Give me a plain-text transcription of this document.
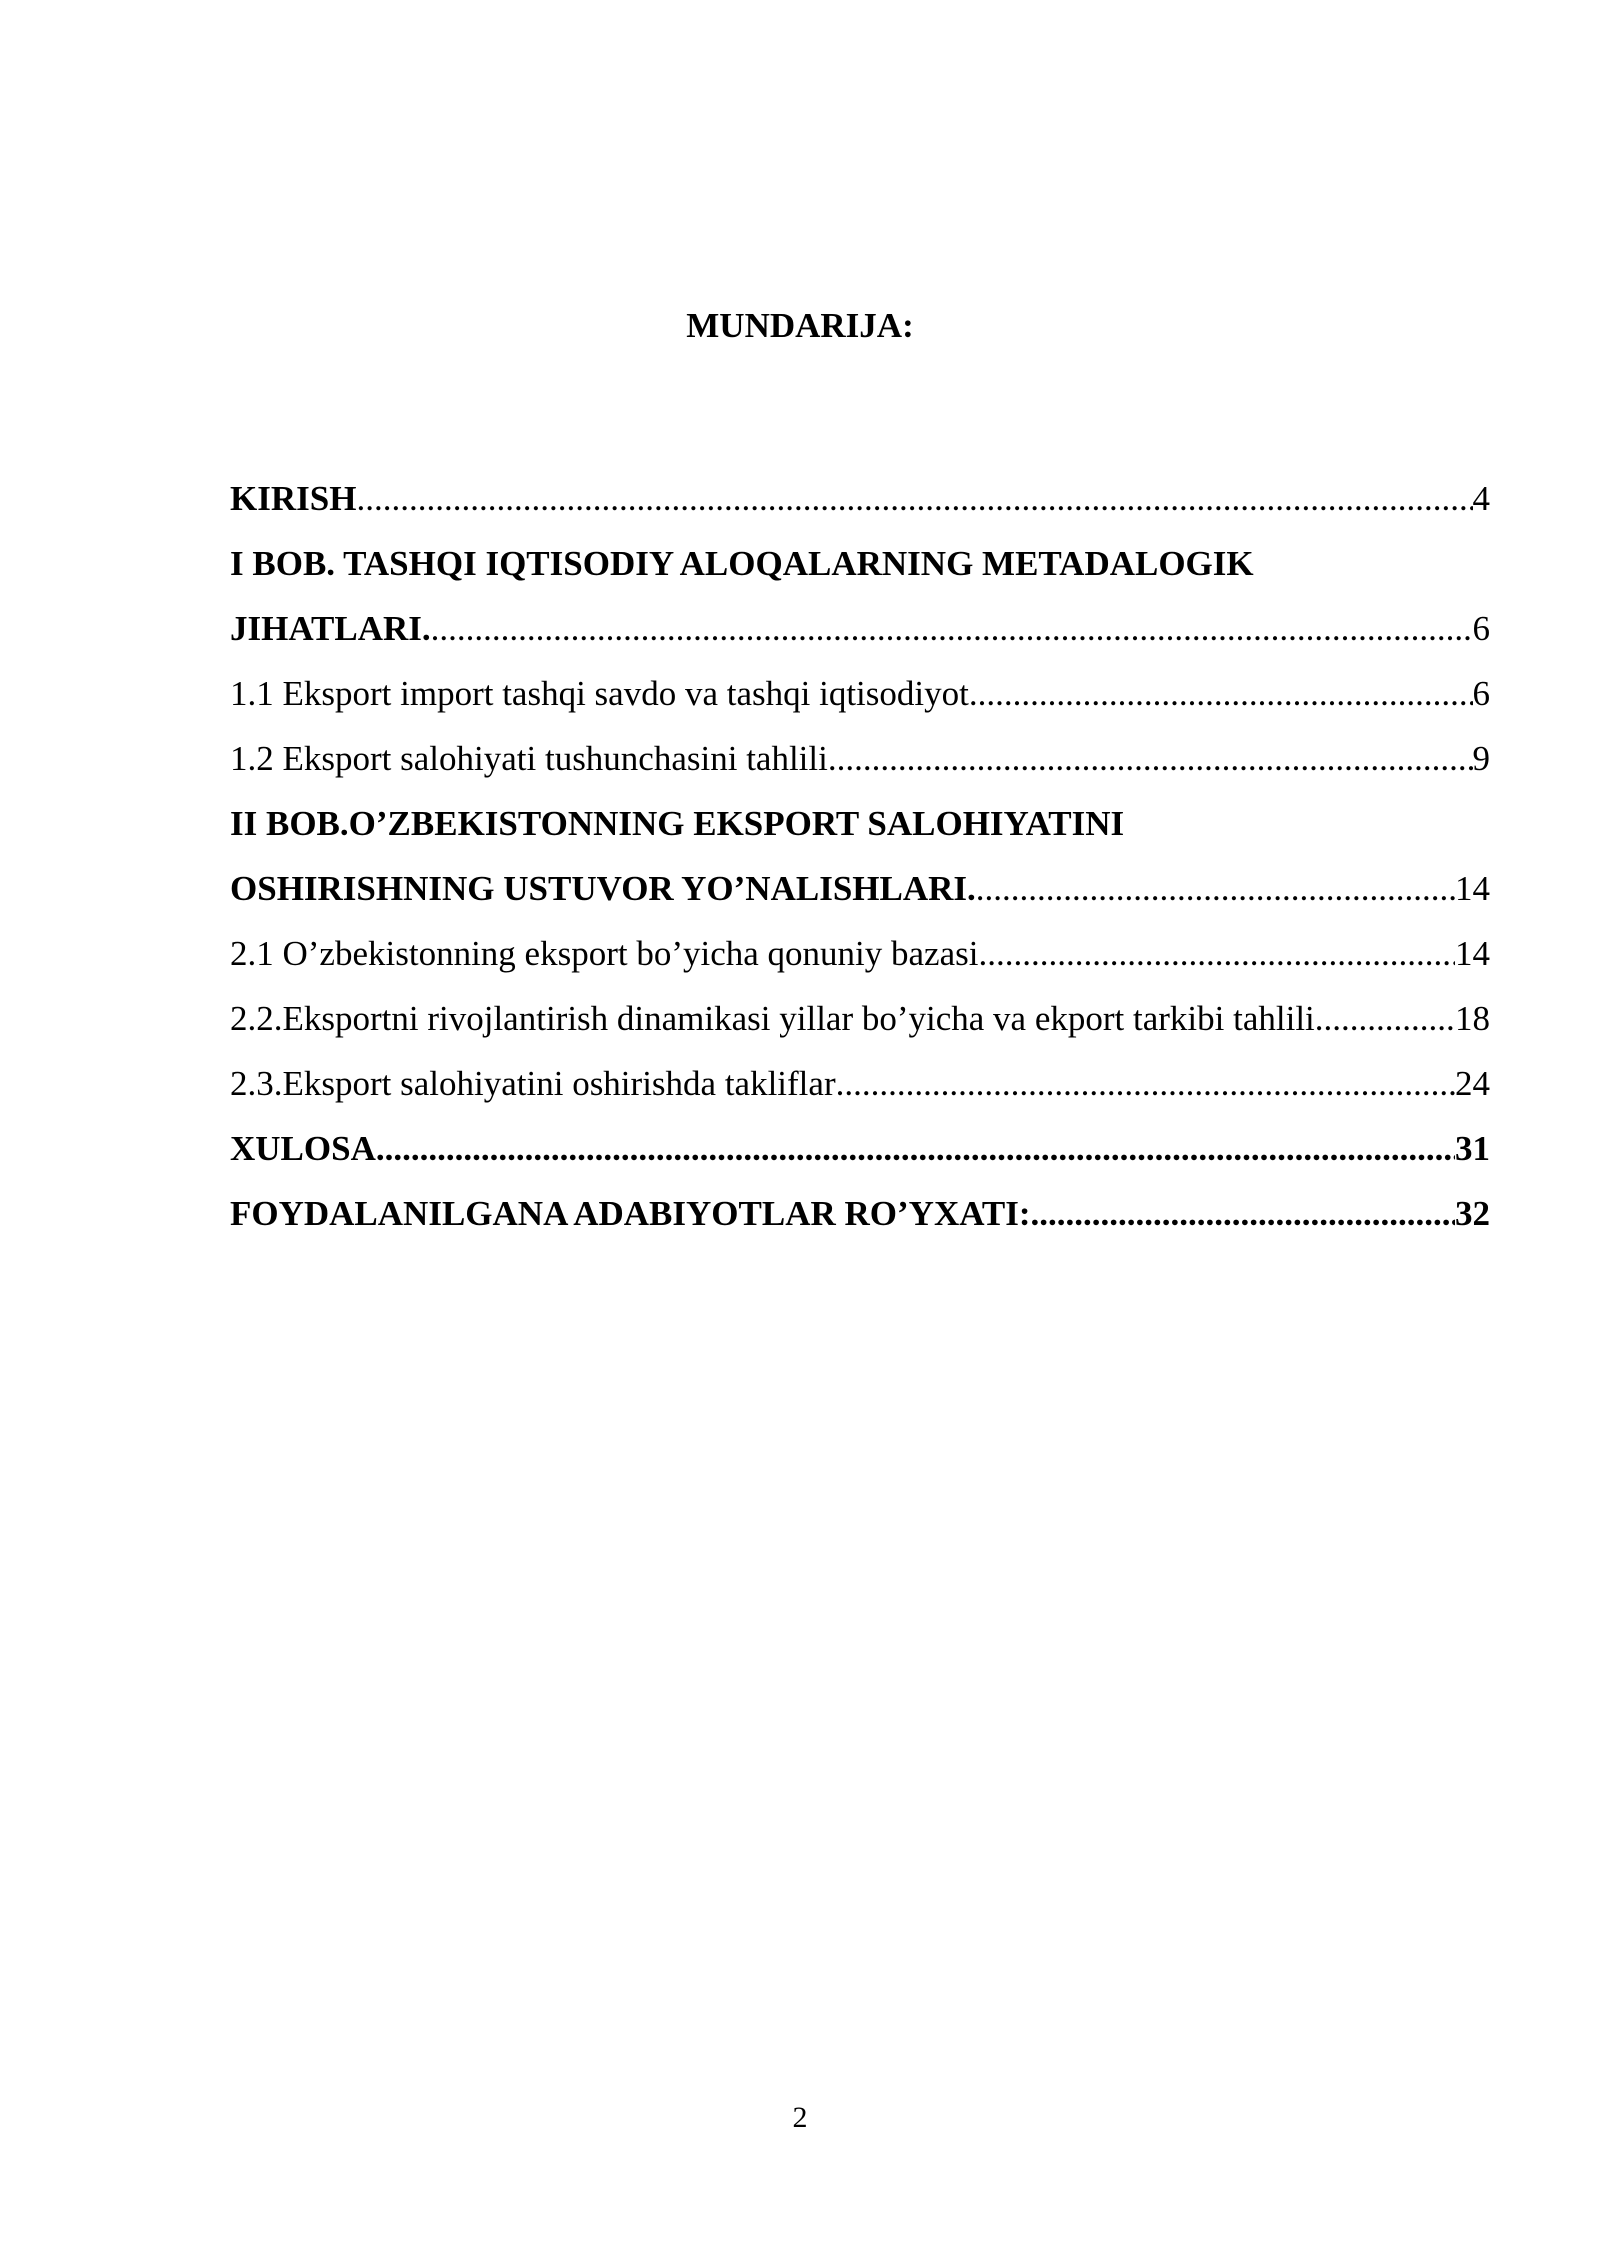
MUNDARIJA:
KIRISH .....	4
I BOB. TASHQI IQTISODIY ALOQALARNING METADALOGIK
JIHATLARI. .....	6
1.1 Eksport import tashqi savdo va tashqi iqtisodiyot. .....	6
1.2 Eksport salohiyati tushunchasini tahlili .....	9
II BOB.O’ZBEKISTONNING EKSPORT SALOHIYATINI
OSHIRISHNING USTUVOR YO’NALISHLARI. .....	14
2.1 O’zbekistonning eksport bo’yicha qonuniy bazasi .....	14
2.2.Eksportni rivojlantirish dinamikasi yillar bo’yicha va ekport tarkibi tahlili. .....	18
2.3.Eksport salohiyatini oshirishda takliflar .....	24
XULOSA .....	31
FOYDALANILGANA ADABIYOTLAR RO’YXATI: .....	32
2
